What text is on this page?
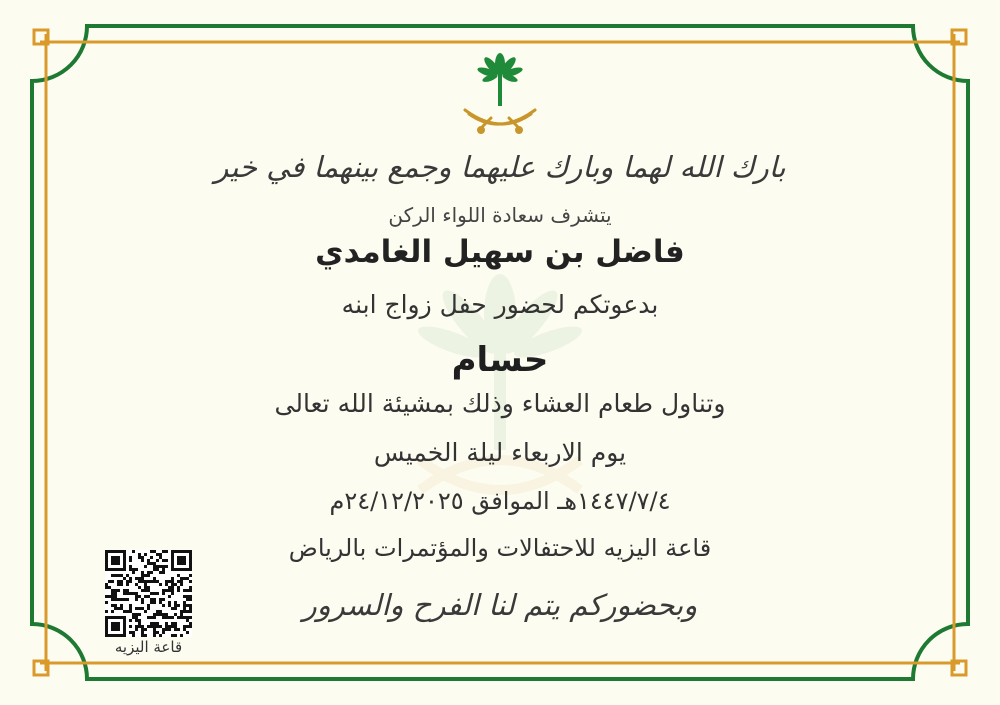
بارك الله لهما وبارك عليهما وجمع بينهما في خير
يتشرف سعادة اللواء الركن
فاضل بن سهيل الغامدي
بدعوتكم لحضور حفل زواج ابنه
حسام
وتناول طعام العشاء وذلك بمشيئة الله تعالى
يوم الاربعاء ليلة الخميس
١٤٤٧/٧/٤هـ الموافق ٢٤/١٢/٢٠٢٥م
قاعة اليزيه للاحتفالات والمؤتمرات بالرياض
وبحضوركم يتم لنا الفرح والسرور
قاعة اليزيه
